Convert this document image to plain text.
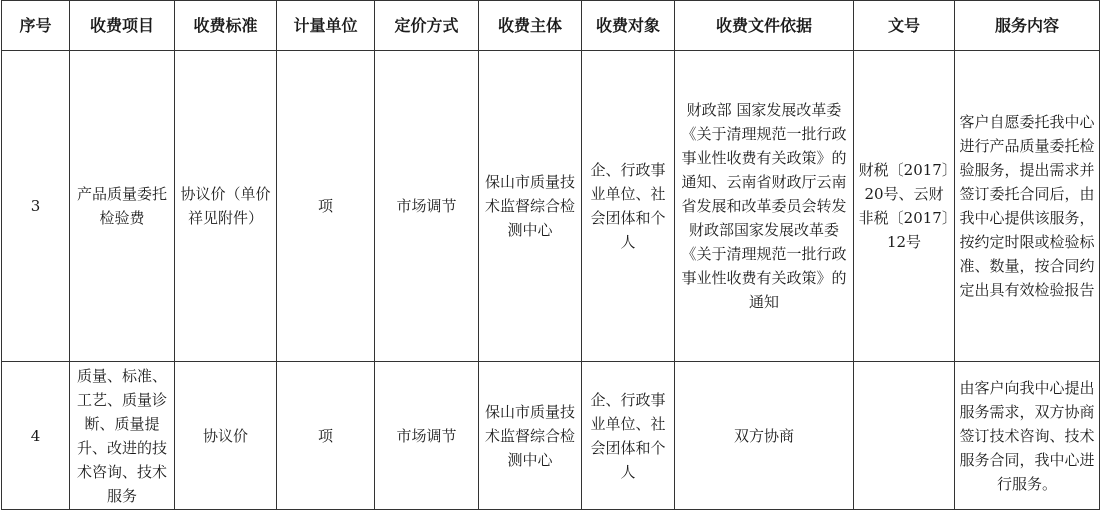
序号	收费项目	收费标准	计量单位	定价方式	收费主体	收费对象	收费文件依据	文号	服务内容
3	产品质量委托检验费	协议价（单价祥见附件）	项	市场调节	保山市质量技术监督综合检测中心	企、行政事业单位、社会团体和个人	财政部 国家发展改革委《关于清理规范一批行政事业性收费有关政策》的通知、云南省财政厅云南省发展和改革委员会转发财政部国家发展改革委《关于清理规范一批行政事业性收费有关政策》的通知	财税〔2017〕20号、云财非税〔2017〕12号	客户自愿委托我中心进行产品质量委托检验服务，提出需求并签订委托合同后，由我中心提供该服务，按约定时限或检验标准、数量，按合同约定出具有效检验报告
4	质量、标准、工艺、质量诊断、质量提升、改进的技术咨询、技术服务	协议价	项	市场调节	保山市质量技术监督综合检测中心	企、行政事业单位、社会团体和个人	双方协商		由客户向我中心提出服务需求，双方协商签订技术咨询、技术服务合同，我中心进行服务。
